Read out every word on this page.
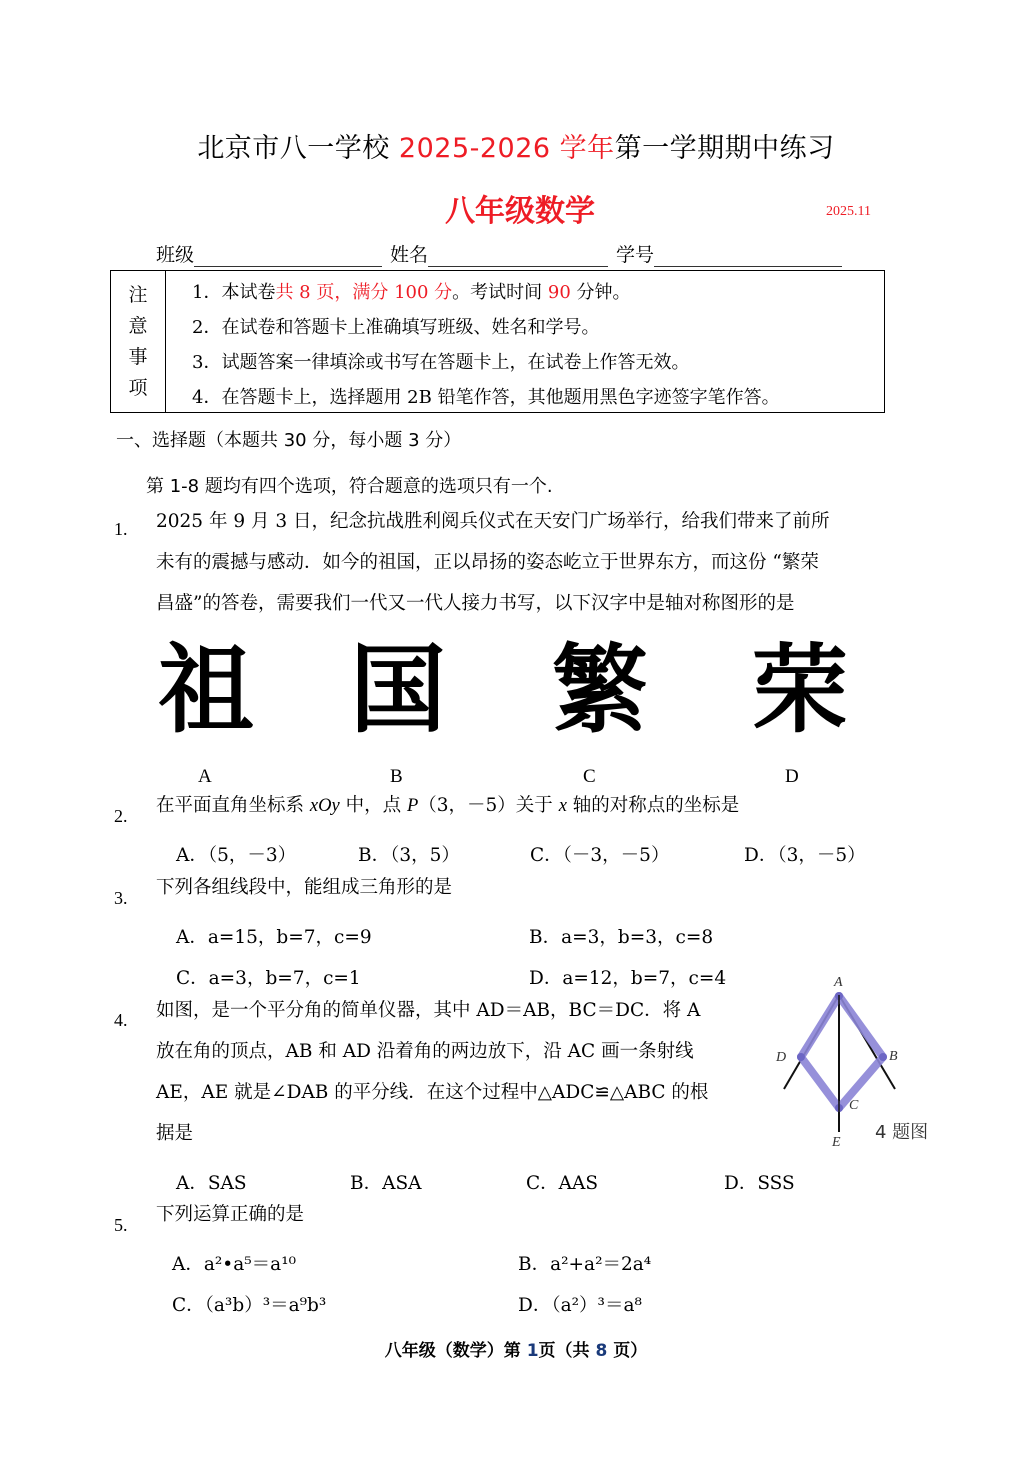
北京市八一学校 2025-2026 学年第一学期期中练习
八年级数学	2025.11
班级	姓名	学号
注
意
事
项
1．本试卷共 8 页，满分 100 分。考试时间 90 分钟。
2．在试卷和答题卡上准确填写班级、姓名和学号。
3．试题答案一律填涂或书写在答题卡上，在试卷上作答无效。
4．在答题卡上，选择题用 2B 铅笔作答，其他题用黑色字迹签字笔作答。
一、选择题（本题共 30 分，每小题 3 分）
第 1-8 题均有四个选项，符合题意的选项只有一个.
1. 2025 年 9 月 3 日，纪念抗战胜利阅兵仪式在天安门广场举行，给我们带来了前所
未有的震撼与感动．如今的祖国，正以昂扬的姿态屹立于世界东方，而这份 “繁荣
昌盛”的答卷，需要我们一代又一代人接力书写，以下汉字中是轴对称图形的是
祖 国 繁 荣
A	B	C	D
2. 在平面直角坐标系 xOy 中，点 P（3，－5）关于 x 轴的对称点的坐标是
A．（5，－3）	B．（3，5）	C．（－3，－5）	D．（3，－5）
3. 下列各组线段中，能组成三角形的是
A．a=15，b=7，c=9	B．a=3，b=3，c=8
C．a=3，b=7，c=1	D．a=12，b=7，c=4
4. 如图，是一个平分角的简单仪器，其中 AD＝AB，BC＝DC．将 A
放在角的顶点，AB 和 AD 沿着角的两边放下，沿 AC 画一条射线
AE，AE 就是∠DAB 的平分线．在这个过程中△ADC≌△ABC 的根
据是
A．SAS	B．ASA	C．AAS	D．SSS
A
B
C
D
E 4 题图
5. 下列运算正确的是
A．a²•a⁵＝a¹⁰	B．a²+a²＝2a⁴
C．（a³b）³＝a⁹b³	D．（a²）³＝a⁸
八年级（数学）第 1页（共 8 页）
